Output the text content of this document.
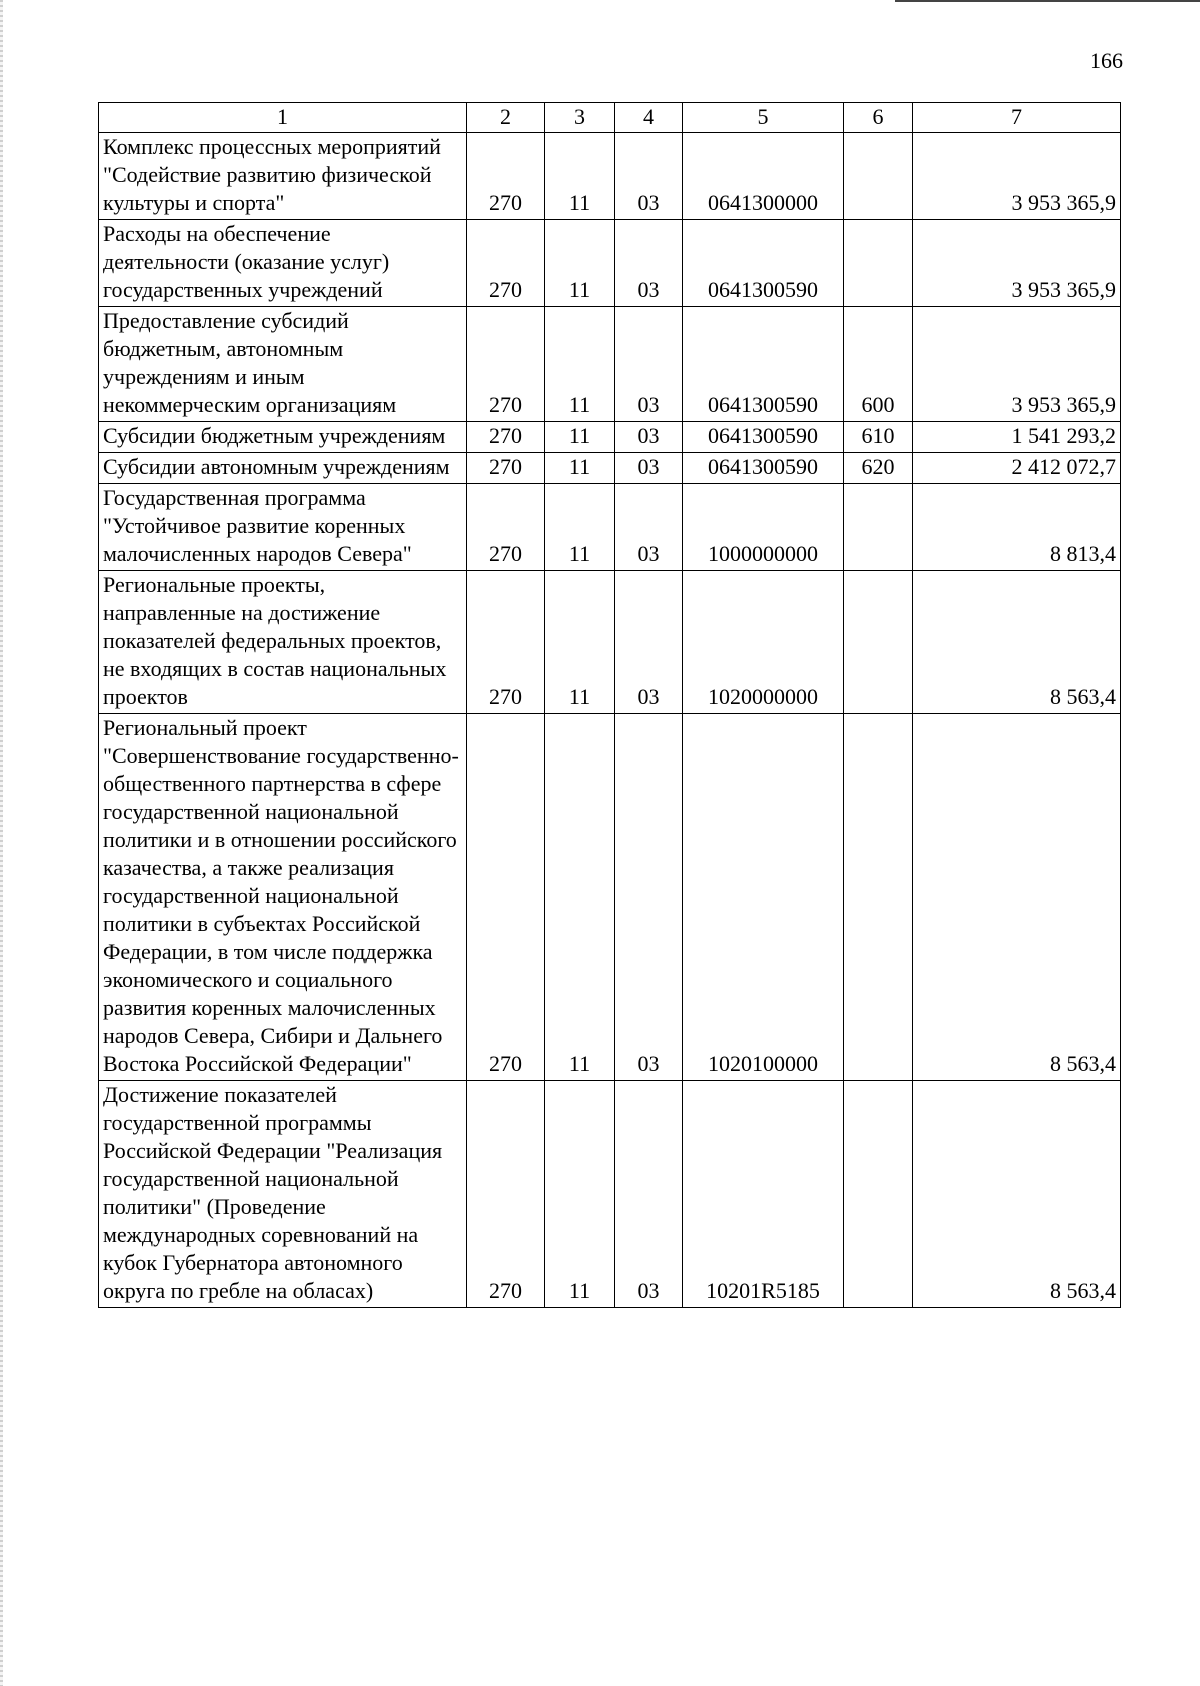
166
1	2	3	4	5	6	7
Комплекс процессных мероприятий "Содействие развитию физической культуры и спорта"	270	11	03	0641300000		3 953 365,9
Расходы на обеспечение деятельности (оказание услуг) государственных учреждений	270	11	03	0641300590		3 953 365,9
Предоставление субсидий бюджетным, автономным учреждениям и иным некоммерческим организациям	270	11	03	0641300590	600	3 953 365,9
Субсидии бюджетным учреждениям	270	11	03	0641300590	610	1 541 293,2
Субсидии автономным учреждениям	270	11	03	0641300590	620	2 412 072,7
Государственная программа "Устойчивое развитие коренных малочисленных народов Севера"	270	11	03	1000000000		8 813,4
Региональные проекты, направленные на достижение показателей федеральных проектов, не входящих в состав национальных проектов	270	11	03	1020000000		8 563,4
Региональный проект "Совершенствование государственно-общественного партнерства в сфере государственной национальной политики и в отношении российского казачества, а также реализация государственной национальной политики в субъектах Российской Федерации, в том числе поддержка экономического и социального развития коренных малочисленных народов Севера, Сибири и Дальнего Востока Российской Федерации"	270	11	03	1020100000		8 563,4
Достижение показателей государственной программы Российской Федерации "Реализация государственной национальной политики" (Проведение международных соревнований на кубок Губернатора автономного округа по гребле на обласах)	270	11	03	10201R5185		8 563,4
